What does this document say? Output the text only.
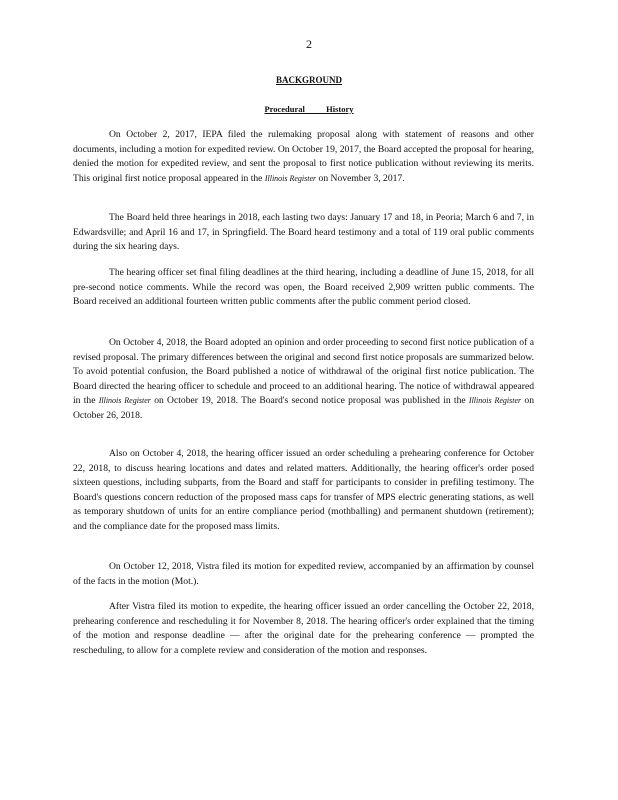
2
BACKGROUND
Procedural          History

On October 2, 2017, IEPA filed the rulemaking proposal along with statement of reasons and other documents, including a motion for expedited review. On October 19, 2017, the Board accepted the proposal for hearing, denied the motion for expedited review, and sent the proposal to first notice publication without reviewing its merits. This original first notice proposal appeared in the Illinois Register on November 3, 2017.

The Board held three hearings in 2018, each lasting two days: January 17 and 18, in Peoria; March 6 and 7, in Edwardsville; and April 16 and 17, in Springfield. The Board heard testimony and a total of 119 oral public comments during the six hearing days.

The hearing officer set final filing deadlines at the third hearing, including a deadline of June 15, 2018, for all pre-second notice comments. While the record was open, the Board received 2,909 written public comments. The Board received an additional fourteen written public comments after the public comment period closed.

On October 4, 2018, the Board adopted an opinion and order proceeding to second first notice publication of a revised proposal. The primary differences between the original and second first notice proposals are summarized below. To avoid potential confusion, the Board published a notice of withdrawal of the original first notice publication. The Board directed the hearing officer to schedule and proceed to an additional hearing. The notice of withdrawal appeared in the Illinois Register on October 19, 2018. The Board's second notice proposal was published in the Illinois Register on October 26, 2018.

Also on October 4, 2018, the hearing officer issued an order scheduling a prehearing conference for October 22, 2018, to discuss hearing locations and dates and related matters. Additionally, the hearing officer's order posed sixteen questions, including subparts, from the Board and staff for participants to consider in prefiling testimony. The Board's questions concern reduction of the proposed mass caps for transfer of MPS electric generating stations, as well as temporary shutdown of units for an entire compliance period (mothballing) and permanent shutdown (retirement); and the compliance date for the proposed mass limits.

On October 12, 2018, Vistra filed its motion for expedited review, accompanied by an affirmation by counsel of the facts in the motion (Mot.).

After Vistra filed its motion to expedite, the hearing officer issued an order cancelling the October 22, 2018, prehearing conference and rescheduling it for November 8, 2018. The hearing officer's order explained that the timing of the motion and response deadline — after the original date for the prehearing conference — prompted the rescheduling, to allow for a complete review and consideration of the motion and responses.
